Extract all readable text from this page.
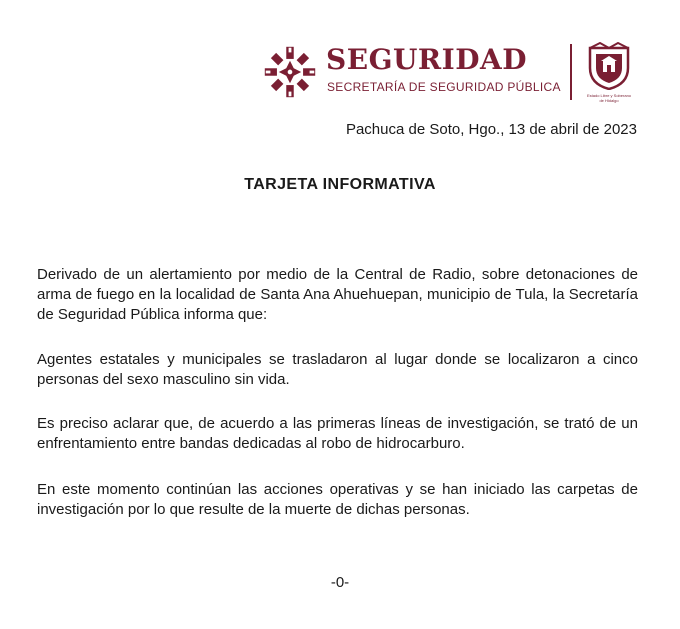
SEGURIDAD
SECRETARÍA DE SEGURIDAD PÚBLICA
Estado Libre y Soberano de Hidalgo
Pachuca de Soto, Hgo., 13 de abril de 2023
TARJETA INFORMATIVA

Derivado de un alertamiento por medio de la Central de Radio, sobre detonaciones de arma de fuego en la localidad de Santa Ana Ahuehuepan, municipio de Tula, la Secretaría de Seguridad Pública informa que:

Agentes estatales y municipales se trasladaron al lugar donde se localizaron a cinco personas del sexo masculino sin vida.

Es preciso aclarar que, de acuerdo a las primeras líneas de investigación, se trató de un enfrentamiento entre bandas dedicadas al robo de hidrocarburo.

En este momento continúan las acciones operativas y se han iniciado las carpetas de investigación por lo que resulte de la muerte de dichas personas.

-0-
